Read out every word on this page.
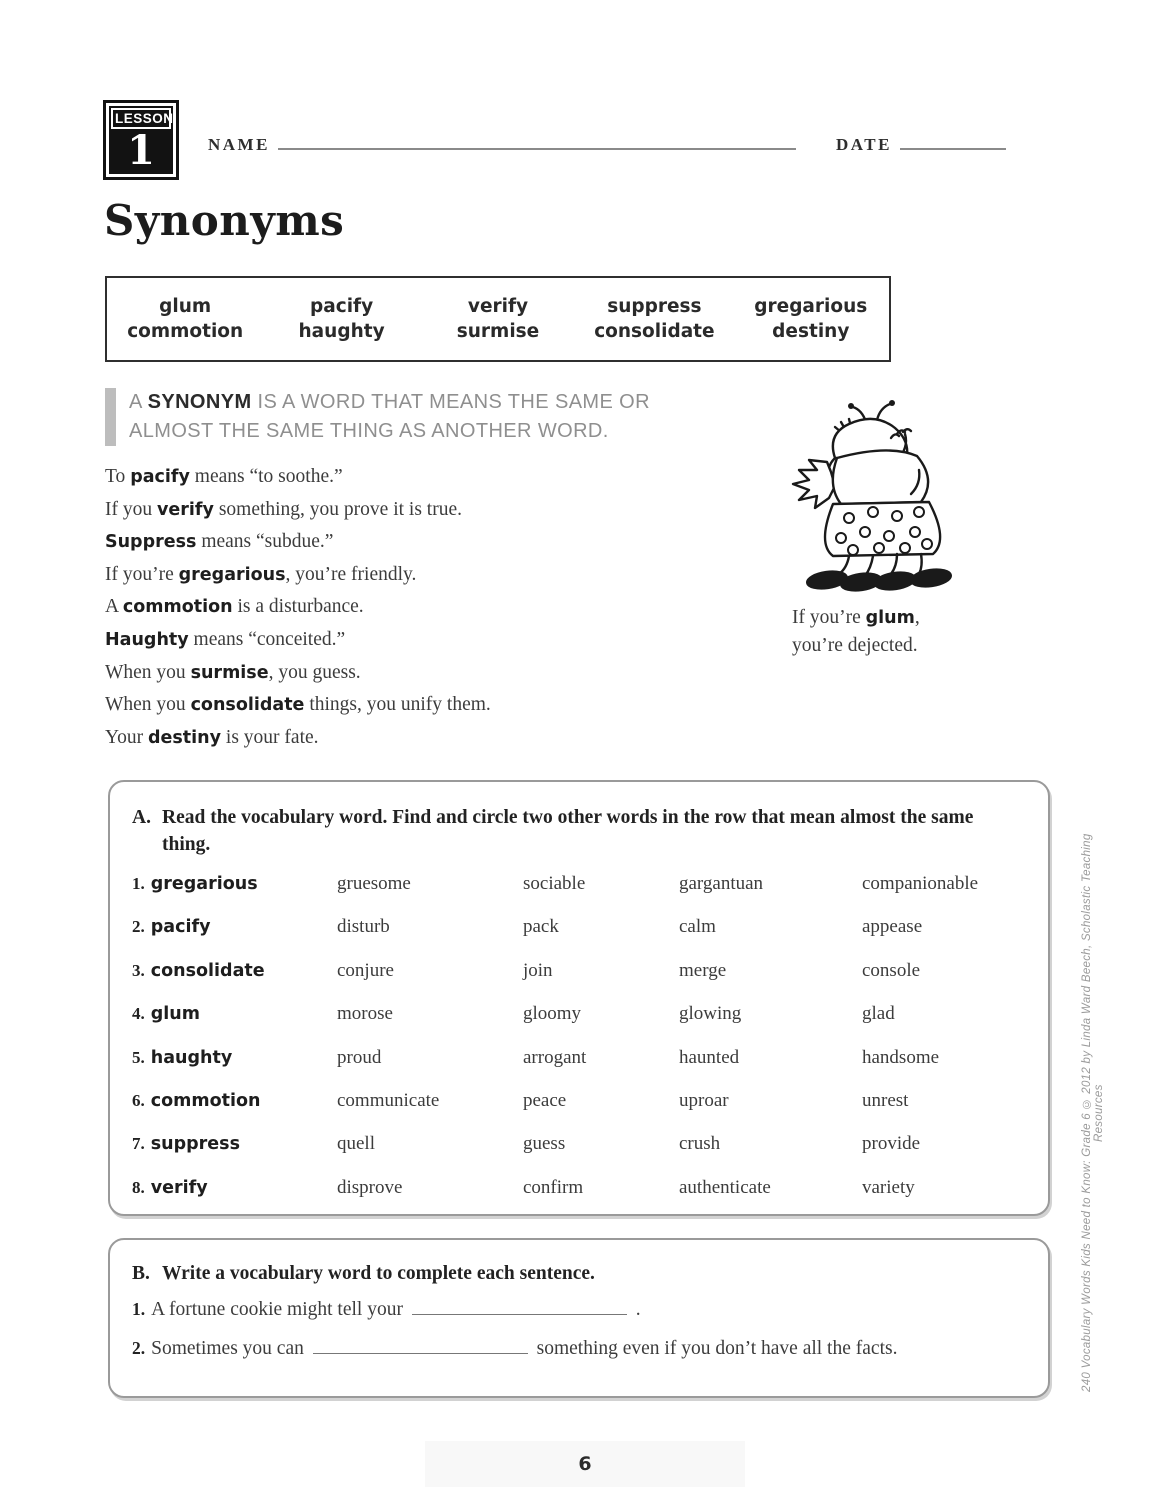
LESSON
1	NAME	DATE
Synonyms
glum	pacify	verify	suppress	gregarious
commotion	haughty	surmise	consolidate	destiny
A SYNONYM IS A WORD THAT MEANS THE SAME OR ALMOST THE SAME THING AS ANOTHER WORD.

To pacify means “to soothe.”

If you verify something, you prove it is true.

Suppress means “subdue.”

If you’re gregarious, you’re friendly.

A commotion is a disturbance.

Haughty means “conceited.”

When you surmise, you guess.

When you consolidate things, you unify them.

Your destiny is your fate.

If you’re glum,
you’re dejected.
A. Read the vocabulary word. Find and circle two other words in the row that mean almost the same thing.
1. gregarious	gruesome	sociable	gargantuan	companionable
2. pacify	disturb	pack	calm	appease
3. consolidate	conjure	join	merge	console
4. glum	morose	gloomy	glowing	glad
5. haughty	proud	arrogant	haunted	handsome
6. commotion	communicate	peace	uproar	unrest
7. suppress	quell	guess	crush	provide
8. verify	disprove	confirm	authenticate	variety
B. Write a vocabulary word to complete each sentence.

1. A fortune cookie might tell your	.

2. Sometimes you can	something even if you don’t have all the facts.	240 Vocabulary Words Kids Need to Know: Grade 6 © 2012 by Linda Ward Beech, Scholastic Teaching Resources
6
